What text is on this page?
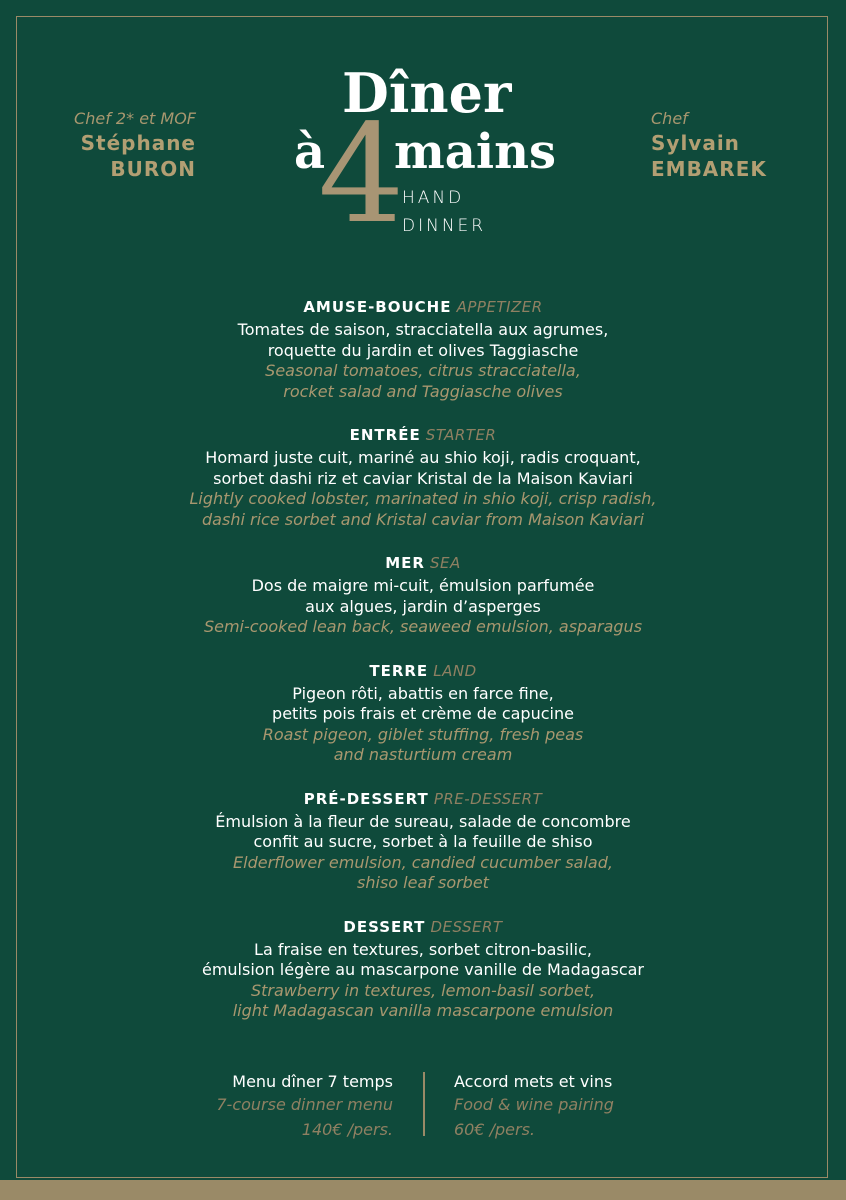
Chef 2* et MOF
Stéphane
BURON 4
Dîner
à mains
HAND
DINNER
Chef
Sylvain
EMBAREK
AMUSE-BOUCHE APPETIZER
Tomates de saison, stracciatella aux agrumes,
roquette du jardin et olives Taggiasche
Seasonal tomatoes, citrus stracciatella,
rocket salad and Taggiasche olives
ENTRÉE STARTER
Homard juste cuit, mariné au shio koji, radis croquant,
sorbet dashi riz et caviar Kristal de la Maison Kaviari
Lightly cooked lobster, marinated in shio koji, crisp radish,
dashi rice sorbet and Kristal caviar from Maison Kaviari
MER SEA
Dos de maigre mi-cuit, émulsion parfumée
aux algues, jardin d’asperges
Semi-cooked lean back, seaweed emulsion, asparagus
TERRE LAND
Pigeon rôti, abattis en farce fine,
petits pois frais et crème de capucine
Roast pigeon, giblet stuffing, fresh peas
and nasturtium cream
PRÉ-DESSERT PRE-DESSERT
Émulsion à la fleur de sureau, salade de concombre
confit au sucre, sorbet à la feuille de shiso
Elderflower emulsion, candied cucumber salad,
shiso leaf sorbet
DESSERT DESSERT
La fraise en textures, sorbet citron-basilic,
émulsion légère au mascarpone vanille de Madagascar
Strawberry in textures, lemon-basil sorbet,
light Madagascan vanilla mascarpone emulsion
Menu dîner 7 temps
7-course dinner menu
140€ /pers.
Accord mets et vins
Food & wine pairing
60€ /pers.
